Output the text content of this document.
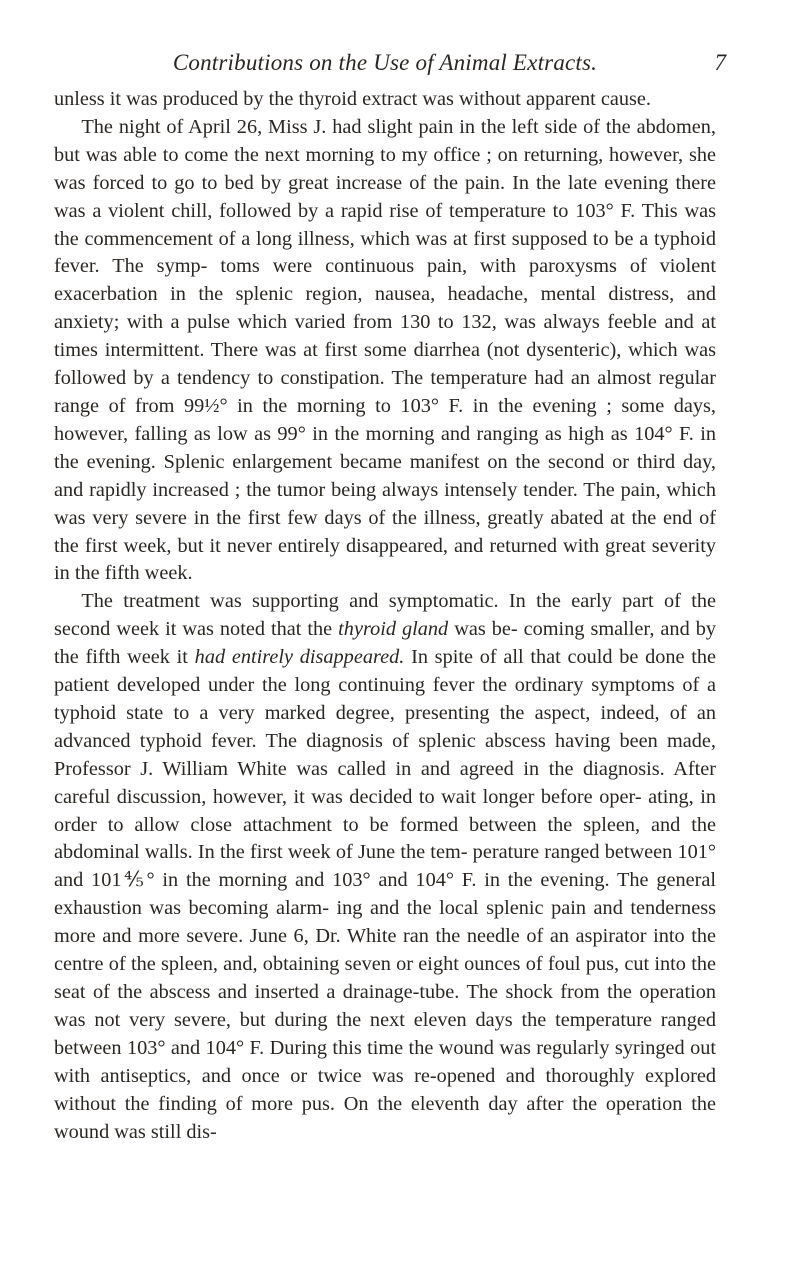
Contributions on the Use of Animal Extracts.	7

unless it was produced by the thyroid extract was without apparent cause.

The night of April 26, Miss J. had slight pain in the left side of the abdomen, but was able to come the next morning to my office ; on returning, however, she was forced to go to bed by great increase of the pain. In the late evening there was a violent chill, followed by a rapid rise of temperature to 103° F. This was the commencement of a long illness, which was at first supposed to be a typhoid fever. The symp- toms were continuous pain, with paroxysms of violent exacerbation in the splenic region, nausea, headache, mental distress, and anxiety; with a pulse which varied from 130 to 132, was always feeble and at times intermittent. There was at first some diarrhea (not dysenteric), which was followed by a tendency to constipation. The temperature had an almost regular range of from 99½° in the morning to 103° F. in the evening ; some days, however, falling as low as 99° in the morning and ranging as high as 104° F. in the evening. Splenic enlargement became manifest on the second or third day, and rapidly increased ; the tumor being always intensely tender. The pain, which was very severe in the first few days of the illness, greatly abated at the end of the first week, but it never entirely disappeared, and returned with great severity in the fifth week.

The treatment was supporting and symptomatic. In the early part of the second week it was noted that the thyroid gland was be- coming smaller, and by the fifth week it had entirely disappeared. In spite of all that could be done the patient developed under the long continuing fever the ordinary symptoms of a typhoid state to a very marked degree, presenting the aspect, indeed, of an advanced typhoid fever. The diagnosis of splenic abscess having been made, Professor J. William White was called in and agreed in the diagnosis. After careful discussion, however, it was decided to wait longer before oper- ating, in order to allow close attachment to be formed between the spleen, and the abdominal walls. In the first week of June the tem- perature ranged between 101° and 101⅘° in the morning and 103° and 104° F. in the evening. The general exhaustion was becoming alarm- ing and the local splenic pain and tenderness more and more severe. June 6, Dr. White ran the needle of an aspirator into the centre of the spleen, and, obtaining seven or eight ounces of foul pus, cut into the seat of the abscess and inserted a drainage-tube. The shock from the operation was not very severe, but during the next eleven days the temperature ranged between 103° and 104° F. During this time the wound was regularly syringed out with antiseptics, and once or twice was re-opened and thoroughly explored without the finding of more pus. On the eleventh day after the operation the wound was still dis-
